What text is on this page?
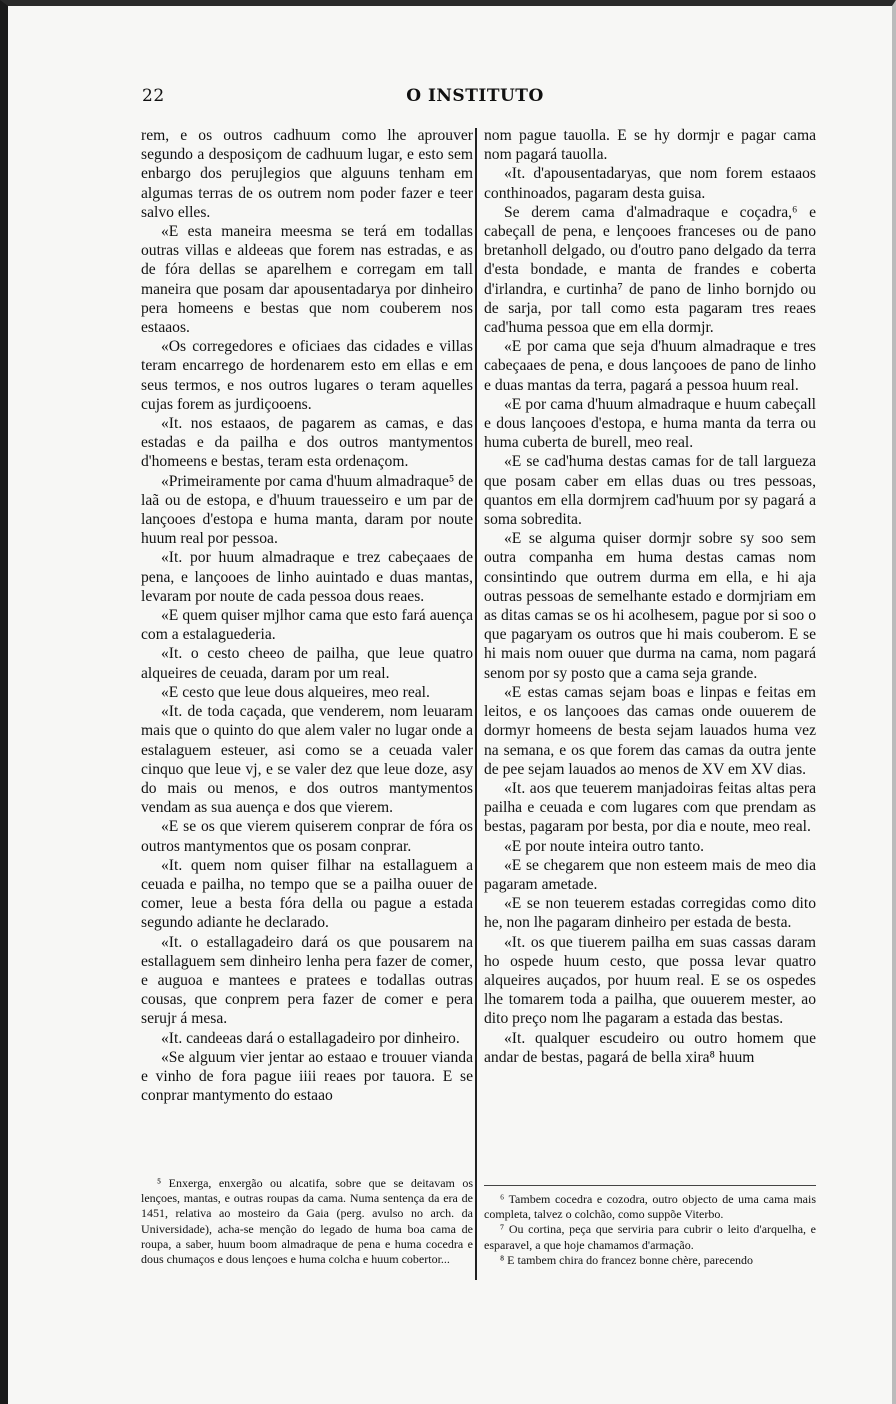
22	O INSTITUTO

rem, e os outros cadhuum como lhe aprouver segundo a desposiçom de cadhuum lugar, e esto sem enbargo dos perujlegios que alguuns tenham em algumas terras de os outrem nom poder fazer e teer salvo elles.

«E esta maneira meesma se terá em todallas outras villas e aldeeas que forem nas estradas, e as de fóra dellas se aparelhem e corregam em tall maneira que posam dar apousentadarya por dinheiro pera homeens e bestas que nom couberem nos estaaos.

«Os corregedores e oficiaes das cidades e villas teram encarrego de hordenarem esto em ellas e em seus termos, e nos outros lugares o teram aquelles cujas forem as jurdiçooens.

«It. nos estaaos, de pagarem as camas, e das estadas e da pailha e dos outros mantymentos d'homeens e bestas, teram esta ordenaçom.

«Primeiramente por cama d'huum almadraque⁵ de laã ou de estopa, e d'huum trauesseiro e um par de lançooes d'estopa e huma manta, daram por noute huum real por pessoa.

«It. por huum almadraque e trez cabeçaaes de pena, e lançooes de linho auintado e duas mantas, levaram por noute de cada pessoa dous reaes.

«E quem quiser mjlhor cama que esto fará auença com a estalaguederia.

«It. o cesto cheeo de pailha, que leue quatro alqueires de ceuada, daram por um real.

«E cesto que leue dous alqueires, meo real.

«It. de toda caçada, que venderem, nom leuaram mais que o quinto do que alem valer no lugar onde a estalaguem esteuer, asi como se a ceuada valer cinquo que leue vj, e se valer dez que leue doze, asy do mais ou menos, e dos outros mantymentos vendam as sua auença e dos que vierem.

«E se os que vierem quiserem conprar de fóra os outros mantymentos que os posam conprar.

«It. quem nom quiser filhar na estallaguem a ceuada e pailha, no tempo que se a pailha ouuer de comer, leue a besta fóra della ou pague a estada segundo adiante he declarado.

«It. o estallagadeiro dará os que pousarem na estallaguem sem dinheiro lenha pera fazer de comer, e auguoa e mantees e pratees e todallas outras cousas, que conprem pera fazer de comer e pera serujr á mesa.

«It. candeeas dará o estallagadeiro por dinheiro.

«Se alguum vier jentar ao estaao e trouuer vianda e vinho de fora pague iiii reaes por tauora. E se conprar mantymento do estaao

nom pague tauolla. E se hy dormjr e pagar cama nom pagará tauolla.

«It. d'apousentadaryas, que nom forem estaaos conthinoados, pagaram desta guisa.

Se derem cama d'almadraque e coçadra,⁶ e cabeçall de pena, e lençooes franceses ou de pano bretanholl delgado, ou d'outro pano delgado da terra d'esta bondade, e manta de frandes e coberta d'irlandra, e curtinha⁷ de pano de linho bornjdo ou de sarja, por tall como esta pagaram tres reaes cad'huma pessoa que em ella dormjr.

«E por cama que seja d'huum almadraque e tres cabeçaaes de pena, e dous lançooes de pano de linho e duas mantas da terra, pagará a pessoa huum real.

«E por cama d'huum almadraque e huum cabeçall e dous lançooes d'estopa, e huma manta da terra ou huma cuberta de burell, meo real.

«E se cad'huma destas camas for de tall largueza que posam caber em ellas duas ou tres pessoas, quantos em ella dormjrem cad'huum por sy pagará a soma sobredita.

«E se alguma quiser dormjr sobre sy soo sem outra companha em huma destas camas nom consintindo que outrem durma em ella, e hi aja outras pessoas de semelhante estado e dormjriam em as ditas camas se os hi acolhesem, pague por si soo o que pagaryam os outros que hi mais couberom. E se hi mais nom ouuer que durma na cama, nom pagará senom por sy posto que a cama seja grande.

«E estas camas sejam boas e linpas e feitas em leitos, e os lançooes das camas onde ouuerem de dormyr homeens de besta sejam lauados huma vez na semana, e os que forem das camas da outra jente de pee sejam lauados ao menos de XV em XV dias.

«It. aos que teuerem manjadoiras feitas altas pera pailha e ceuada e com lugares com que prendam as bestas, pagaram por besta, por dia e noute, meo real.

«E por noute inteira outro tanto.

«E se chegarem que non esteem mais de meo dia pagaram ametade.

«E se non teuerem estadas corregidas como dito he, non lhe pagaram dinheiro per estada de besta.

«It. os que tiuerem pailha em suas cassas daram ho ospede huum cesto, que possa levar quatro alqueires auçados, por huum real. E se os ospedes lhe tomarem toda a pailha, que ouuerem mester, ao dito preço nom lhe pagaram a estada das bestas.

«It. qualquer escudeiro ou outro homem que andar de bestas, pagará de bella xira⁸ huum

⁵ Enxerga, enxergão ou alcatifa, sobre que se deitavam os lençoes, mantas, e outras roupas da cama. Numa sentença da era de 1451, relativa ao mosteiro da Gaia (perg. avulso no arch. da Universidade), acha-se menção do legado de huma boa cama de roupa, a saber, huum boom almadraque de pena e huma cocedra e dous chumaços e dous lençoes e huma colcha e huum cobertor...

⁶ Tambem cocedra e cozodra, outro objecto de uma cama mais completa, talvez o colchão, como suppõe Viterbo.

⁷ Ou cortina, peça que serviria para cubrir o leito d'arquelha, e esparavel, a que hoje chamamos d'armação.

⁸ E tambem chira do francez bonne chère, parecendo
